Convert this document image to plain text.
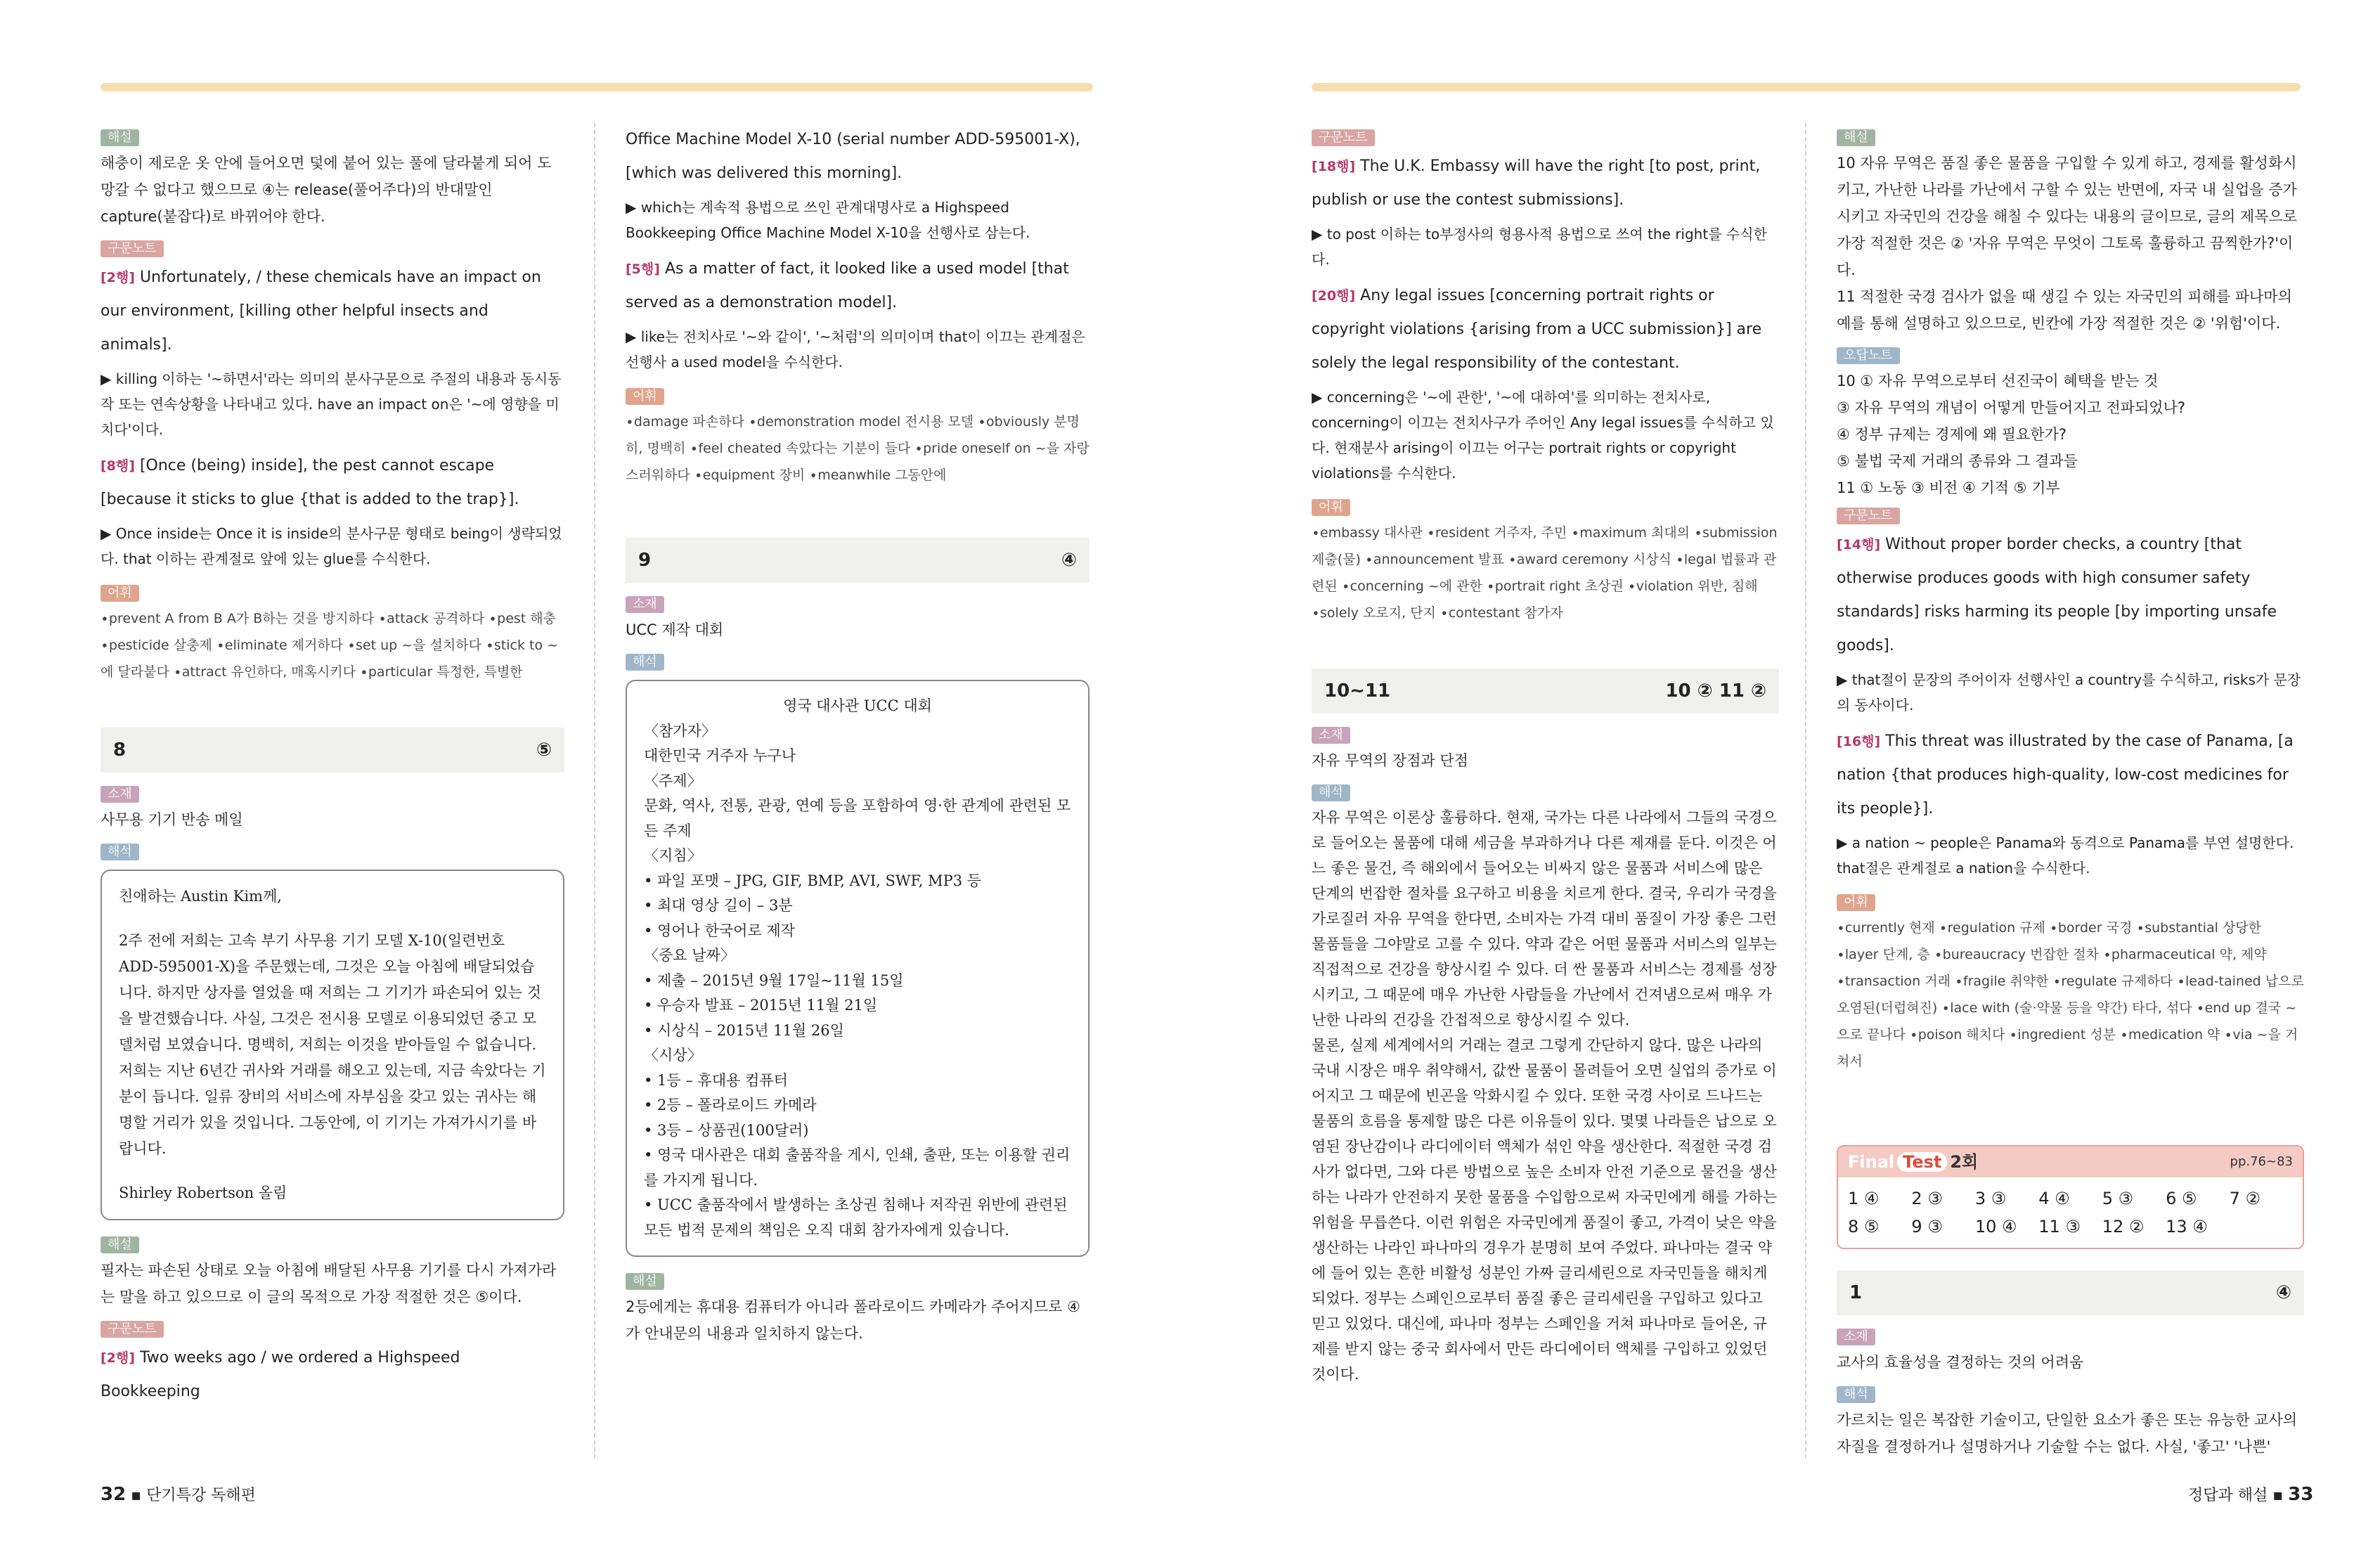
해설

해충이 제로운 옷 안에 들어오면 덫에 붙어 있는 풀에 달라붙게 되어 도망갈 수 없다고 했으므로 ④는 release(풀어주다)의 반대말인 capture(붙잡다)로 바뀌어야 한다.

구문노트

[2행] Unfortunately, / these chemicals have an impact on our environment, [killing other helpful insects and animals].

▶ killing 이하는 '~하면서'라는 의미의 분사구문으로 주절의 내용과 동시동작 또는 연속상황을 나타내고 있다. have an impact on은 '~에 영향을 미치다'이다.

[8행] [Once (being) inside], the pest cannot escape [because it sticks to glue {that is added to the trap}].

▶ Once inside는 Once it is inside의 분사구문 형태로 being이 생략되었다. that 이하는 관계절로 앞에 있는 glue를 수식한다.

어휘

∙prevent A from B A가 B하는 것을 방지하다 ∙attack 공격하다 ∙pest 해충 ∙pesticide 살충제 ∙eliminate 제거하다 ∙set up ~을 설치하다 ∙stick to ~에 달라붙다 ∙attract 유인하다, 매혹시키다 ∙particular 특정한, 특별한

8	⑤
소재

사무용 기기 반송 메일

해석

친애하는 Austin Kim께,

2주 전에 저희는 고속 부기 사무용 기기 모델 X-10(일련번호 ADD-595001-X)을 주문했는데, 그것은 오늘 아침에 배달되었습니다. 하지만 상자를 열었을 때 저희는 그 기기가 파손되어 있는 것을 발견했습니다. 사실, 그것은 전시용 모델로 이용되었던 중고 모델처럼 보였습니다. 명백히, 저희는 이것을 받아들일 수 없습니다. 저희는 지난 6년간 귀사와 거래를 해오고 있는데, 지금 속았다는 기분이 듭니다. 일류 장비의 서비스에 자부심을 갖고 있는 귀사는 해명할 거리가 있을 것입니다. 그동안에, 이 기기는 가져가시기를 바랍니다.

Shirley Robertson 올림

해설

필자는 파손된 상태로 오늘 아침에 배달된 사무용 기기를 다시 가져가라는 말을 하고 있으므로 이 글의 목적으로 가장 적절한 것은 ⑤이다.

구문노트

[2행] Two weeks ago / we ordered a Highspeed Bookkeeping

Office Machine Model X-10 (serial number ADD-595001-X), [which was delivered this morning].

▶ which는 계속적 용법으로 쓰인 관계대명사로 a Highspeed Bookkeeping Office Machine Model X-10을 선행사로 삼는다.

[5행] As a matter of fact, it looked like a used model [that served as a demonstration model].

▶ like는 전치사로 '~와 같이', '~처럼'의 의미이며 that이 이끄는 관계절은 선행사 a used model을 수식한다.

어휘

∙damage 파손하다 ∙demonstration model 전시용 모델 ∙obviously 분명히, 명백히 ∙feel cheated 속았다는 기분이 들다 ∙pride oneself on ~을 자랑스러워하다 ∙equipment 장비 ∙meanwhile 그동안에

9	④
소재

UCC 제작 대회

해석
영국 대사관 UCC 대회
〈참가자〉
대한민국 거주자 누구나
〈주제〉
문화, 역사, 전통, 관광, 연예 등을 포함하여 영·한 관계에 관련된 모든 주제
〈지침〉
• 파일 포맷 – JPG, GIF, BMP, AVI, SWF, MP3 등
• 최대 영상 길이 – 3분
• 영어나 한국어로 제작
〈중요 날짜〉
• 제출 – 2015년 9월 17일~11월 15일
• 우승자 발표 – 2015년 11월 21일
• 시상식 – 2015년 11월 26일
〈시상〉
• 1등 – 휴대용 컴퓨터
• 2등 – 폴라로이드 카메라
• 3등 – 상품권(100달러)
• 영국 대사관은 대회 출품작을 게시, 인쇄, 출판, 또는 이용할 권리를 가지게 됩니다.
• UCC 출품작에서 발생하는 초상권 침해나 저작권 위반에 관련된 모든 법적 문제의 책임은 오직 대회 참가자에게 있습니다.
해설

2등에게는 휴대용 컴퓨터가 아니라 폴라로이드 카메라가 주어지므로 ④가 안내문의 내용과 일치하지 않는다.

32 ▪ 단기특강 독해편
구문노트

[18행] The U.K. Embassy will have the right [to post, print, publish or use the contest submissions].

▶ to post 이하는 to부정사의 형용사적 용법으로 쓰여 the right를 수식한다.

[20행] Any legal issues [concerning portrait rights or copyright violations {arising from a UCC submission}] are solely the legal responsibility of the contestant.

▶ concerning은 '~에 관한', '~에 대하여'를 의미하는 전치사로, concerning이 이끄는 전치사구가 주어인 Any legal issues를 수식하고 있다. 현재분사 arising이 이끄는 어구는 portrait rights or copyright violations를 수식한다.

어휘

∙embassy 대사관 ∙resident 거주자, 주민 ∙maximum 최대의 ∙submission 제출(물) ∙announcement 발표 ∙award ceremony 시상식 ∙legal 법률과 관련된 ∙concerning ~에 관한 ∙portrait right 초상권 ∙violation 위반, 침해 ∙solely 오로지, 단지 ∙contestant 참가자

10~11	10 ② 11 ②
소재

자유 무역의 장점과 단점

해석

자유 무역은 이론상 훌륭하다. 현재, 국가는 다른 나라에서 그들의 국경으로 들어오는 물품에 대해 세금을 부과하거나 다른 제재를 둔다. 이것은 어느 좋은 물건, 즉 해외에서 들어오는 비싸지 않은 물품과 서비스에 많은 단계의 번잡한 절차를 요구하고 비용을 치르게 한다. 결국, 우리가 국경을 가로질러 자유 무역을 한다면, 소비자는 가격 대비 품질이 가장 좋은 그런 물품들을 그야말로 고를 수 있다. 약과 같은 어떤 물품과 서비스의 일부는 직접적으로 건강을 향상시킬 수 있다. 더 싼 물품과 서비스는 경제를 성장시키고, 그 때문에 매우 가난한 사람들을 가난에서 건져냄으로써 매우 가난한 나라의 건강을 간접적으로 향상시킬 수 있다.

물론, 실제 세계에서의 거래는 결코 그렇게 간단하지 않다. 많은 나라의 국내 시장은 매우 취약해서, 값싼 물품이 몰려들어 오면 실업의 증가로 이어지고 그 때문에 빈곤을 악화시킬 수 있다. 또한 국경 사이로 드나드는 물품의 흐름을 통제할 많은 다른 이유들이 있다. 몇몇 나라들은 납으로 오염된 장난감이나 라디에이터 액체가 섞인 약을 생산한다. 적절한 국경 검사가 없다면, 그와 다른 방법으로 높은 소비자 안전 기준으로 물건을 생산하는 나라가 안전하지 못한 물품을 수입함으로써 자국민에게 해를 가하는 위험을 무릅쓴다. 이런 위험은 자국민에게 품질이 좋고, 가격이 낮은 약을 생산하는 나라인 파나마의 경우가 분명히 보여 주었다. 파나마는 결국 약에 들어 있는 흔한 비활성 성분인 가짜 글리세린으로 자국민들을 해치게 되었다. 정부는 스페인으로부터 품질 좋은 글리세린을 구입하고 있다고 믿고 있었다. 대신에, 파나마 정부는 스페인을 거쳐 파나마로 들어온, 규제를 받지 않는 중국 회사에서 만든 라디에이터 액체를 구입하고 있었던 것이다.

해설

10 자유 무역은 품질 좋은 물품을 구입할 수 있게 하고, 경제를 활성화시키고, 가난한 나라를 가난에서 구할 수 있는 반면에, 자국 내 실업을 증가시키고 자국민의 건강을 해칠 수 있다는 내용의 글이므로, 글의 제목으로 가장 적절한 것은 ② '자유 무역은 무엇이 그토록 훌륭하고 끔찍한가?'이다.

11 적절한 국경 검사가 없을 때 생길 수 있는 자국민의 피해를 파나마의 예를 통해 설명하고 있으므로, 빈칸에 가장 적절한 것은 ② '위험'이다.

오답노트
10 ① 자유 무역으로부터 선진국이 혜택을 받는 것
③ 자유 무역의 개념이 어떻게 만들어지고 전파되었나?
④ 정부 규제는 경제에 왜 필요한가?
⑤ 불법 국제 거래의 종류와 그 결과들
11 ① 노동 ③ 비전 ④ 기적 ⑤ 기부
구문노트

[14행] Without proper border checks, a country [that otherwise produces goods with high consumer safety standards] risks harming its people [by importing unsafe goods].

▶ that절이 문장의 주어이자 선행사인 a country를 수식하고, risks가 문장의 동사이다.

[16행] This threat was illustrated by the case of Panama, [a nation {that produces high-quality, low-cost medicines for its people}].

▶ a nation ~ people은 Panama와 동격으로 Panama를 부연 설명한다. that절은 관계절로 a nation을 수식한다.

어휘

∙currently 현재 ∙regulation 규제 ∙border 국경 ∙substantial 상당한 ∙layer 단계, 층 ∙bureaucracy 번잡한 절차 ∙pharmaceutical 약, 제약 ∙transaction 거래 ∙fragile 취약한 ∙regulate 규제하다 ∙lead-tained 납으로 오염된(더럽혀진) ∙lace with (술·약물 등을 약간) 타다, 섞다 ∙end up 결국 ~으로 끝나다 ∙poison 해치다 ∙ingredient 성분 ∙medication 약 ∙via ~을 거쳐서

Final Test 2회	pp.76~83
1 ④	2 ③	3 ③	4 ④	5 ③	6 ⑤	7 ②
8 ⑤	9 ③	10 ④	11 ③	12 ②	13 ④
1	④
소재

교사의 효율성을 결정하는 것의 어려움

해석

가르치는 일은 복잡한 기술이고, 단일한 요소가 좋은 또는 유능한 교사의 자질을 결정하거나 설명하거나 기술할 수는 없다. 사실, '좋고' '나쁜'

정답과 해설 ▪ 33
